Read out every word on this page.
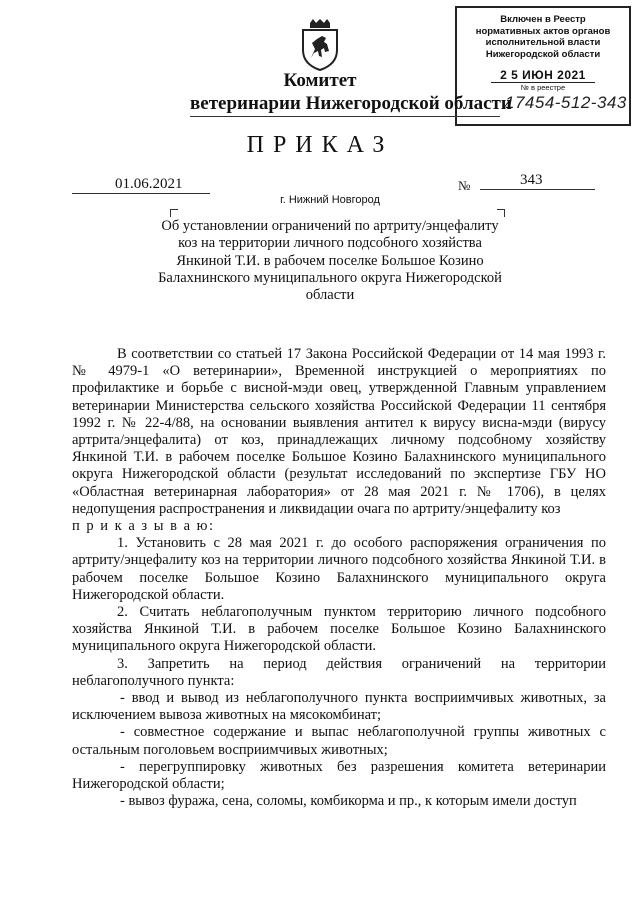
Включен в Реестр
нормативных актов органов
исполнительной власти
Нижегородской области
2 5 ИЮН 2021
№ в реестре
17454-512-343
Комитет
ветеринарии Нижегородской области
ПРИКАЗ
01.06.2021	№	343
г. Нижний Новгород
Об установлении ограничений по артриту/энцефалиту коз на территории личного подсобного хозяйства Янкиной Т.И. в рабочем поселке Большое Козино Балахнинского муниципального округа Нижегородской области

В соответствии со статьей 17 Закона Российской Федерации от 14 мая 1993 г. № 4979-1 «О ветеринарии», Временной инструкцией о мероприятиях по профилактике и борьбе с висной-мэди овец, утвержденной Главным управлением ветеринарии Министерства сельского хозяйства Российской Федерации 11 сентября 1992 г. № 22-4/88, на основании выявления антител к вирусу висна-мэди (вирусу артрита/энцефалита) от коз, принадлежащих личному подсобному хозяйству Янкиной Т.И. в рабочем поселке Большое Козино Балахнинского муниципального округа Нижегородской области (результат исследований по экспертизе ГБУ НО «Областная ветеринарная лаборатория» от 28 мая 2021 г. № 1706), в целях недопущения распространения и ликвидации очага по артриту/энцефалиту коз

п р и к а з ы в а ю:

1. Установить с 28 мая 2021 г. до особого распоряжения ограничения по артриту/энцефалиту коз на территории личного подсобного хозяйства Янкиной Т.И. в рабочем поселке Большое Козино Балахнинского муниципального округа Нижегородской области.

2. Считать неблагополучным пунктом территорию личного подсобного хозяйства Янкиной Т.И. в рабочем поселке Большое Козино Балахнинского муниципального округа Нижегородской области.

3. Запретить на период действия ограничений на территории неблагополучного пункта:

- ввод и вывод из неблагополучного пункта восприимчивых животных, за исключением вывоза животных на мясокомбинат;

- совместное содержание и выпас неблагополучной группы животных с остальным поголовьем восприимчивых животных;

- перегруппировку животных без разрешения комитета ветеринарии Нижегородской области;

- вывоз фуража, сена, соломы, комбикорма и пр., к которым имели доступ
